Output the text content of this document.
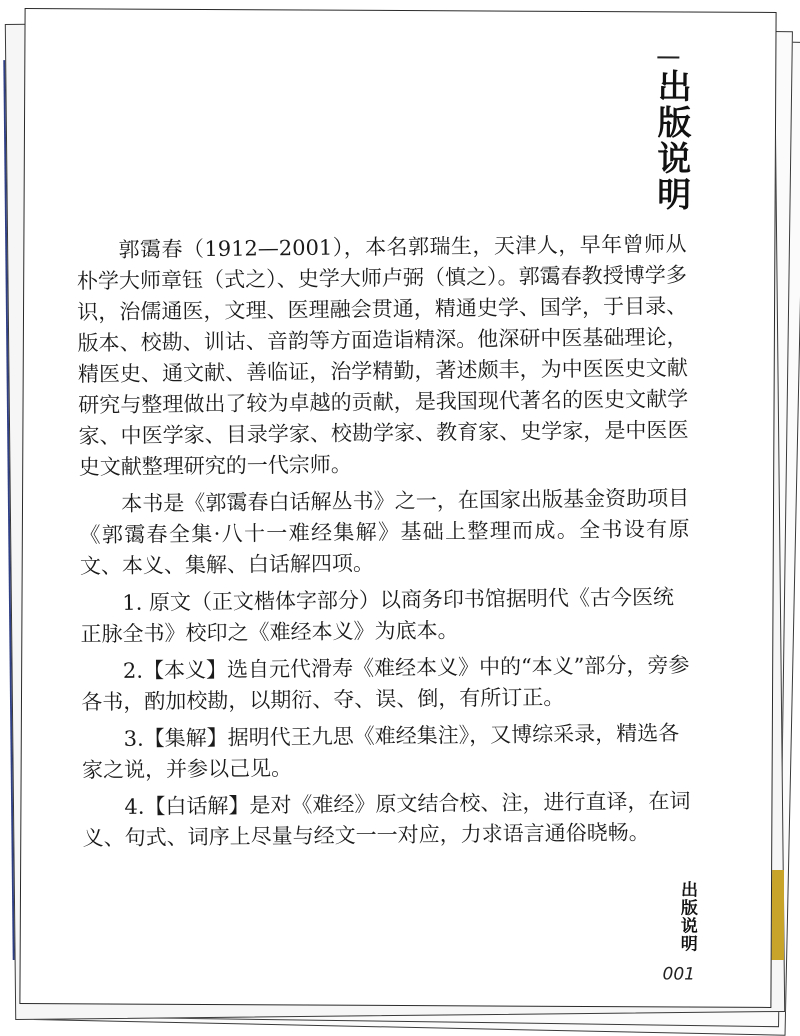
出版说明

郭霭春（1912—2001），本名郭瑞生，天津人，早年曾师从朴学大师章钰（式之）、史学大师卢弼（慎之）。郭霭春教授博学多识，治儒通医，文理、医理融会贯通，精通史学、国学，于目录、版本、校勘、训诂、音韵等方面造诣精深。他深研中医基础理论，精医史、通文献、善临证，治学精勤，著述颇丰，为中医医史文献研究与整理做出了较为卓越的贡献，是我国现代著名的医史文献学家、中医学家、目录学家、校勘学家、教育家、史学家，是中医医史文献整理研究的一代宗师。

本书是《郭霭春白话解丛书》之一，在国家出版基金资助项目《郭霭春全集·八十一难经集解》基础上整理而成。全书设有原文、本义、集解、白话解四项。

1. 原文（正文楷体字部分）以商务印书馆据明代《古今医统正脉全书》校印之《难经本义》为底本。

2.【本义】选自元代滑寿《难经本义》中的“本义”部分，旁参各书，酌加校勘，以期衍、夺、误、倒，有所订正。

3.【集解】据明代王九思《难经集注》，又博综采录，精选各家之说，并参以己见。

4.【白话解】是对《难经》原文结合校、注，进行直译，在词义、句式、词序上尽量与经文一一对应，力求语言通俗晓畅。

出版说明
001
